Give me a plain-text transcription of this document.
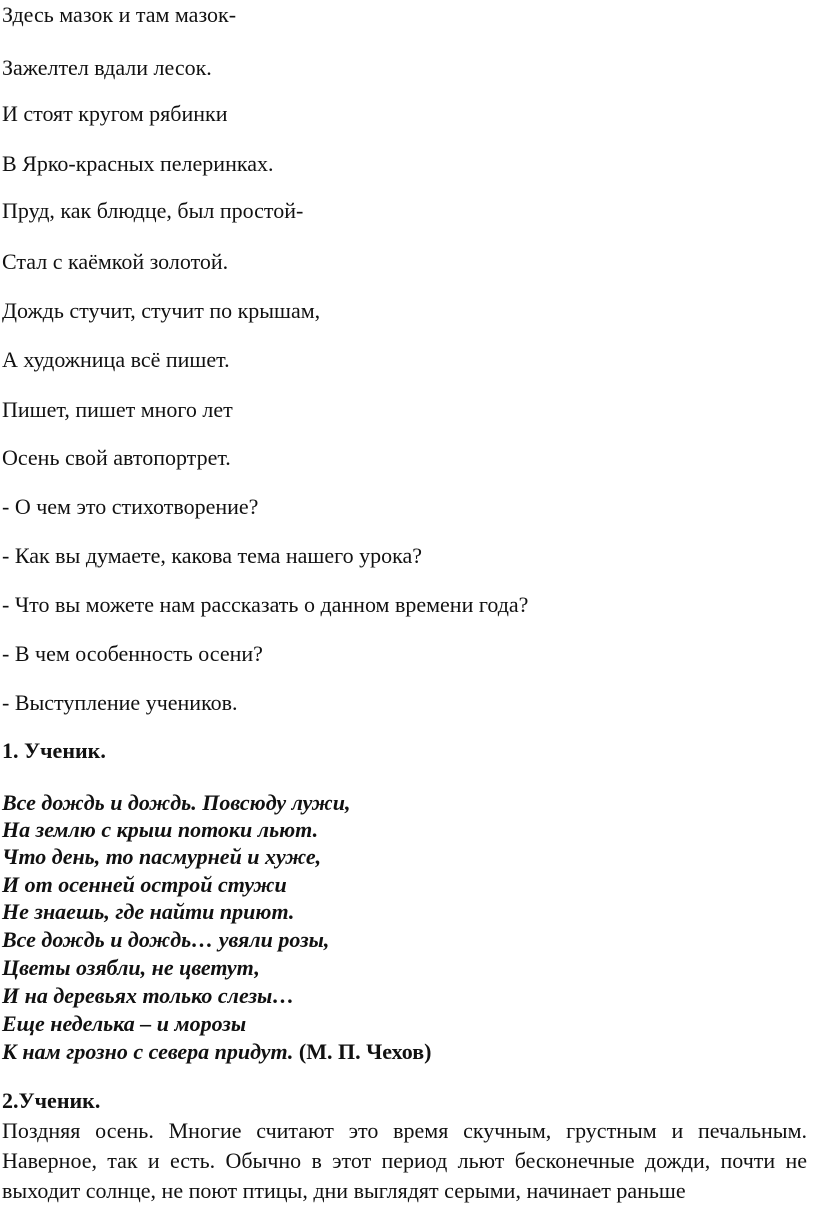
Здесь мазок и там мазок-
Зажелтел вдали лесок.
И стоят кругом рябинки
В Ярко-красных пелеринках.
Пруд, как блюдце, был простой-
Стал с каёмкой золотой.
Дождь стучит, стучит по крышам,
А художница всё пишет.
Пишет, пишет много лет
Осень свой автопортрет.
- О чем это стихотворение?
- Как вы думаете, какова тема нашего урока?
- Что вы можете нам рассказать о данном времени года?
- В чем особенность осени?
- Выступление учеников.
1. Ученик.
Все дождь и дождь. Повсюду лужи,
На землю с крыш потоки льют.
Что день, то пасмурней и хуже,
И от осенней острой стужи
Не знаешь, где найти приют.
Все дождь и дождь… увяли розы,
Цветы озябли, не цветут,
И на деревьях только слезы…
Еще неделька – и морозы
К нам грозно с севера придут. (М. П. Чехов)
2.Ученик.
Поздняя осень. Многие считают это время скучным, грустным и печальным. Наверное, так и есть. Обычно в этот период льют бесконечные дожди, почти не выходит солнце, не поют птицы, дни выглядят серыми, начинает раньше
